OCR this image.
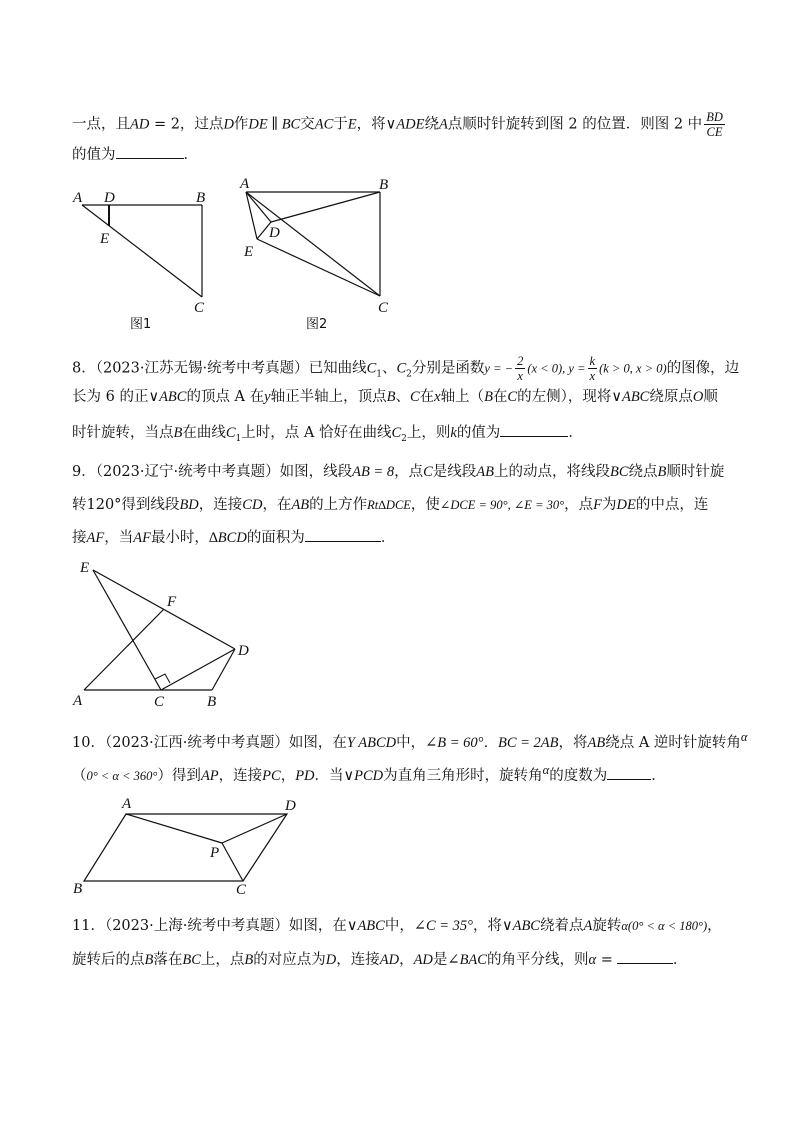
一点，且AD = 2，过点D作DE ∥ BC交AC于E，将∨ADE绕A点顺时针旋转到图 2 的位置．则图 2 中 $\frac{BD}{CE}$
的值为	．
A D	B
E
C
图1
A	B
D
E
C
图2
8．（2023·江苏无锡·统考中考真题）已知曲线$C_1$、$C_2$分别是函数y = − $\frac{2}{x} (x < 0)$, $y = \frac{k}{x} (k > 0$, x > 0)的图像，边
长为 6 的正∨ABC的顶点 A 在y轴正半轴上，顶点B、C在x轴上（B在C的左侧），现将∨ABC绕原点O顺
时针旋转，当点B在曲线$C_1$上时，点 A 恰好在曲线$C_2$上，则k的值为	．
9．（2023·辽宁·统考中考真题）如图，线段AB = 8，点C是线段AB上的动点，将线段BC绕点B顺时针旋
转120°得到线段BD，连接CD，在AB的上方作Rt∆DCE，使∠DCE = 90°, ∠E = 30°，点F为DE的中点，连
接AF，当AF最小时，∆BCD的面积为	．
E
F
D
A	C	B
10．（2023·江西·统考中考真题）如图，在Y ABCD中，∠B = 60°．BC = 2AB，将AB绕点 A 逆时针旋转角$^\alpha$
（0° < α < 360°）得到AP，连接PC，PD．当∨PCD为直角三角形时，旋转角$^\alpha$的度数为	．
A	D
P
B	C
11．（2023·上海·统考中考真题）如图，在∨ABC中，∠C = 35°，将∨ABC绕着点A旋转α(0° < α < 180°)，
旋转后的点B落在BC上，点B的对应点为D，连接AD，AD是∠BAC的角平分线，则α =	．
